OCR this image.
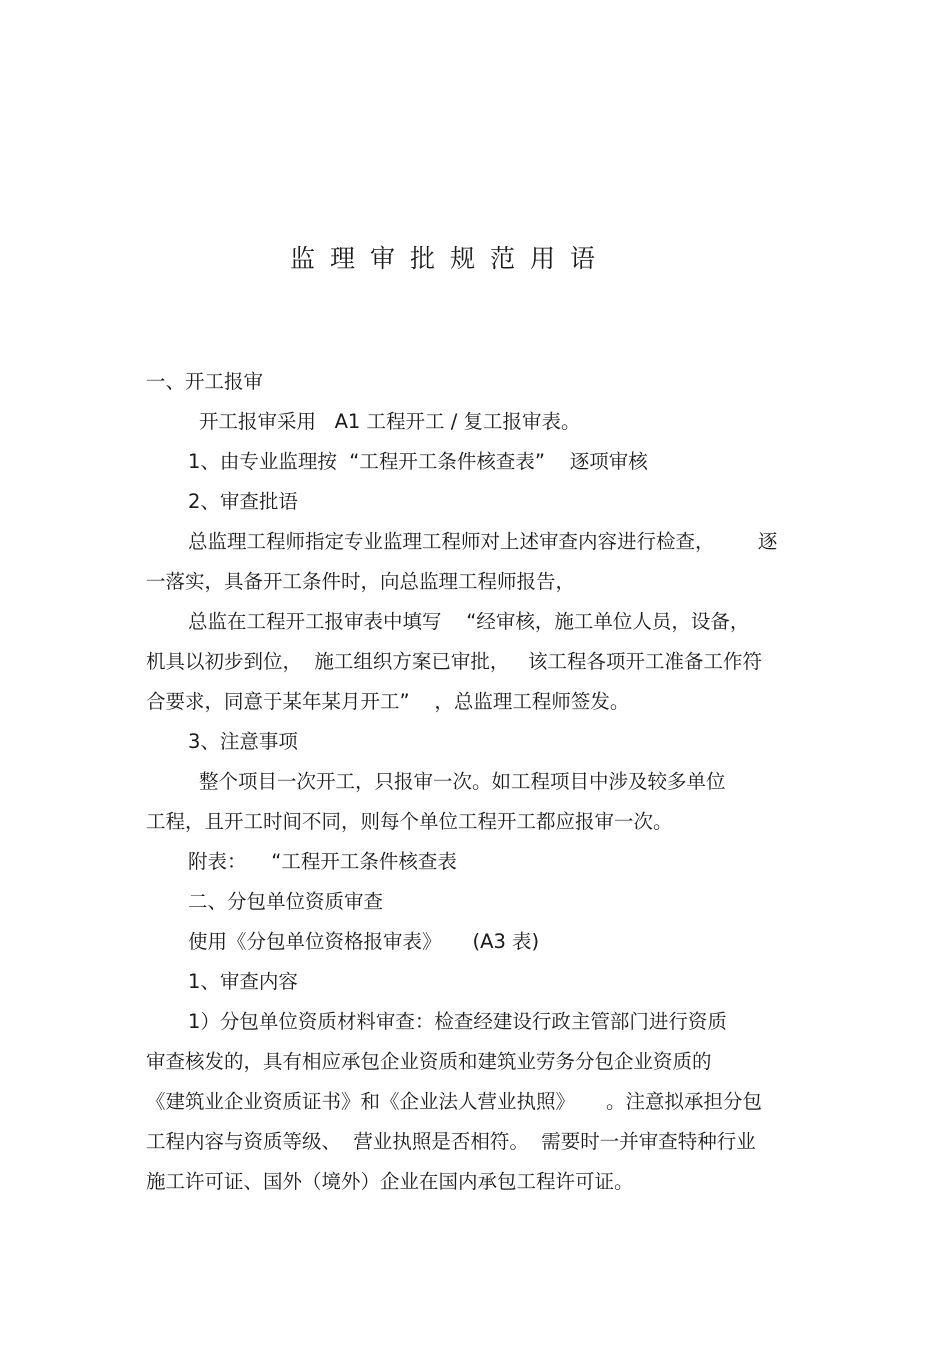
监理审批规范用语
一、开工报审
开工报审采用   A1 工程开工 / 复工报审表。
1、由专业监理按  “工程开工条件核查表”    逐项审核
2、审查批语
总监理工程师指定专业监理工程师对上述审查内容进行检查，       逐
一落实，具备开工条件时，向总监理工程师报告，
总监在工程开工报审表中填写    “经审核，施工单位人员，设备，
机具以初步到位，  施工组织方案已审批，   该工程各项开工准备工作符
合要求，同意于某年某月开工”    ，总监理工程师签发。
3、注意事项
整个项目一次开工，只报审一次。如工程项目中涉及较多单位
工程，且开工时间不同，则每个单位工程开工都应报审一次。
附表：    “工程开工条件核查表
二、分包单位资质审查
使用《分包单位资格报审表》     (A3 表)
1、审查内容
1）分包单位资质材料审查：检查经建设行政主管部门进行资质
审查核发的，具有相应承包企业资质和建筑业劳务分包企业资质的
《建筑业企业资质证书》和《企业法人营业执照》     。注意拟承担分包
工程内容与资质等级、  营业执照是否相符。  需要时一并审查特种行业
施工许可证、国外（境外）企业在国内承包工程许可证。
